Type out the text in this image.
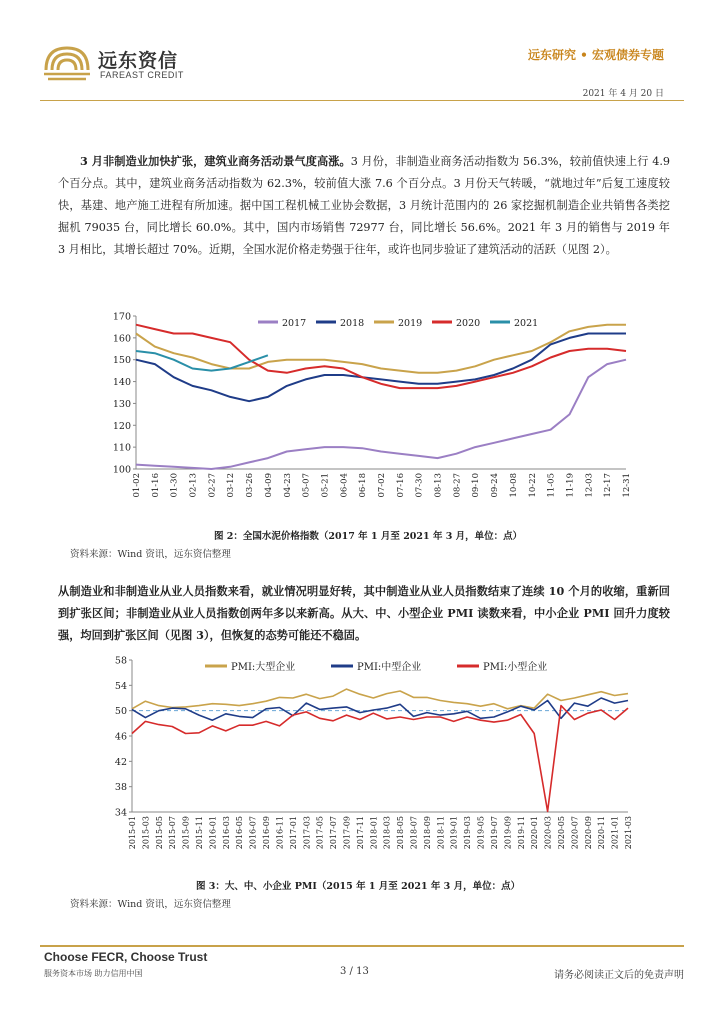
远东资信
FAREAST CREDIT
远东研究 • 宏观债券专题
2021 年 4 月 20 日
3 月非制造业加快扩张，建筑业商务活动景气度高涨。3 月份，非制造业商务活动指数为 56.3%，较前值快速上行 4.9 个百分点。其中，建筑业商务活动指数为 62.3%，较前值大涨 7.6 个百分点。3 月份天气转暖，“就地过年”后复工速度较快，基建、地产施工进程有所加速。据中国工程机械工业协会数据，3 月统计范围内的 26 家挖掘机制造企业共销售各类挖掘机 79035 台，同比增长 60.0%。其中，国内市场销售 72977 台，同比增长 56.6%。2021 年 3 月的销售与 2019 年 3 月相比，其增长超过 70%。近期，全国水泥价格走势强于往年，或许也同步验证了建筑活动的活跃（见图 2）。
2017	2018	2019	2020	2021
100
110
120
130
140
150
160
170
01-02 01-16 01-30 02-13 02-27 03-12 03-26 04-09 04-23 05-07 05-21 06-04 06-18 07-02 07-16 07-30 08-13 08-27 09-10 09-24 10-08 10-22 11-05 11-19 12-03 12-17 12-31
图 2：全国水泥价格指数（2017 年 1 月至 2021 年 3 月，单位：点）
资料来源：Wind 资讯，远东资信整理
从制造业和非制造业从业人员指数来看，就业情况明显好转，其中制造业从业人员指数结束了连续 10 个月的收缩，重新回到扩张区间；非制造业从业人员指数创两年多以来新高。从大、中、小型企业 PMI 读数来看，中小企业 PMI 回升力度较强，均回到扩张区间（见图 3），但恢复的态势可能还不稳固。
PMI:大型企业	PMI:中型企业	PMI:小型企业
34
38
42
46
50
54
58
2015-01 2015-03 2015-05 2015-07 2015-09 2015-11 2016-01 2016-03 2016-05 2016-07 2016-09 2016-11 2017-01 2017-03 2017-05 2017-07 2017-09 2017-11 2018-01 2018-03 2018-05 2018-07 2018-09 2018-11 2019-01 2019-03 2019-05 2019-07 2019-09 2019-11 2020-01 2020-03 2020-05 2020-07 2020-09 2020-11 2021-01 2021-03
图 3：大、中、小企业 PMI（2015 年 1 月至 2021 年 3 月，单位：点）
资料来源：Wind 资讯，远东资信整理
Choose FECR, Choose Trust
服务资本市场 助力信用中国	3 / 13	请务必阅读正文后的免责声明
